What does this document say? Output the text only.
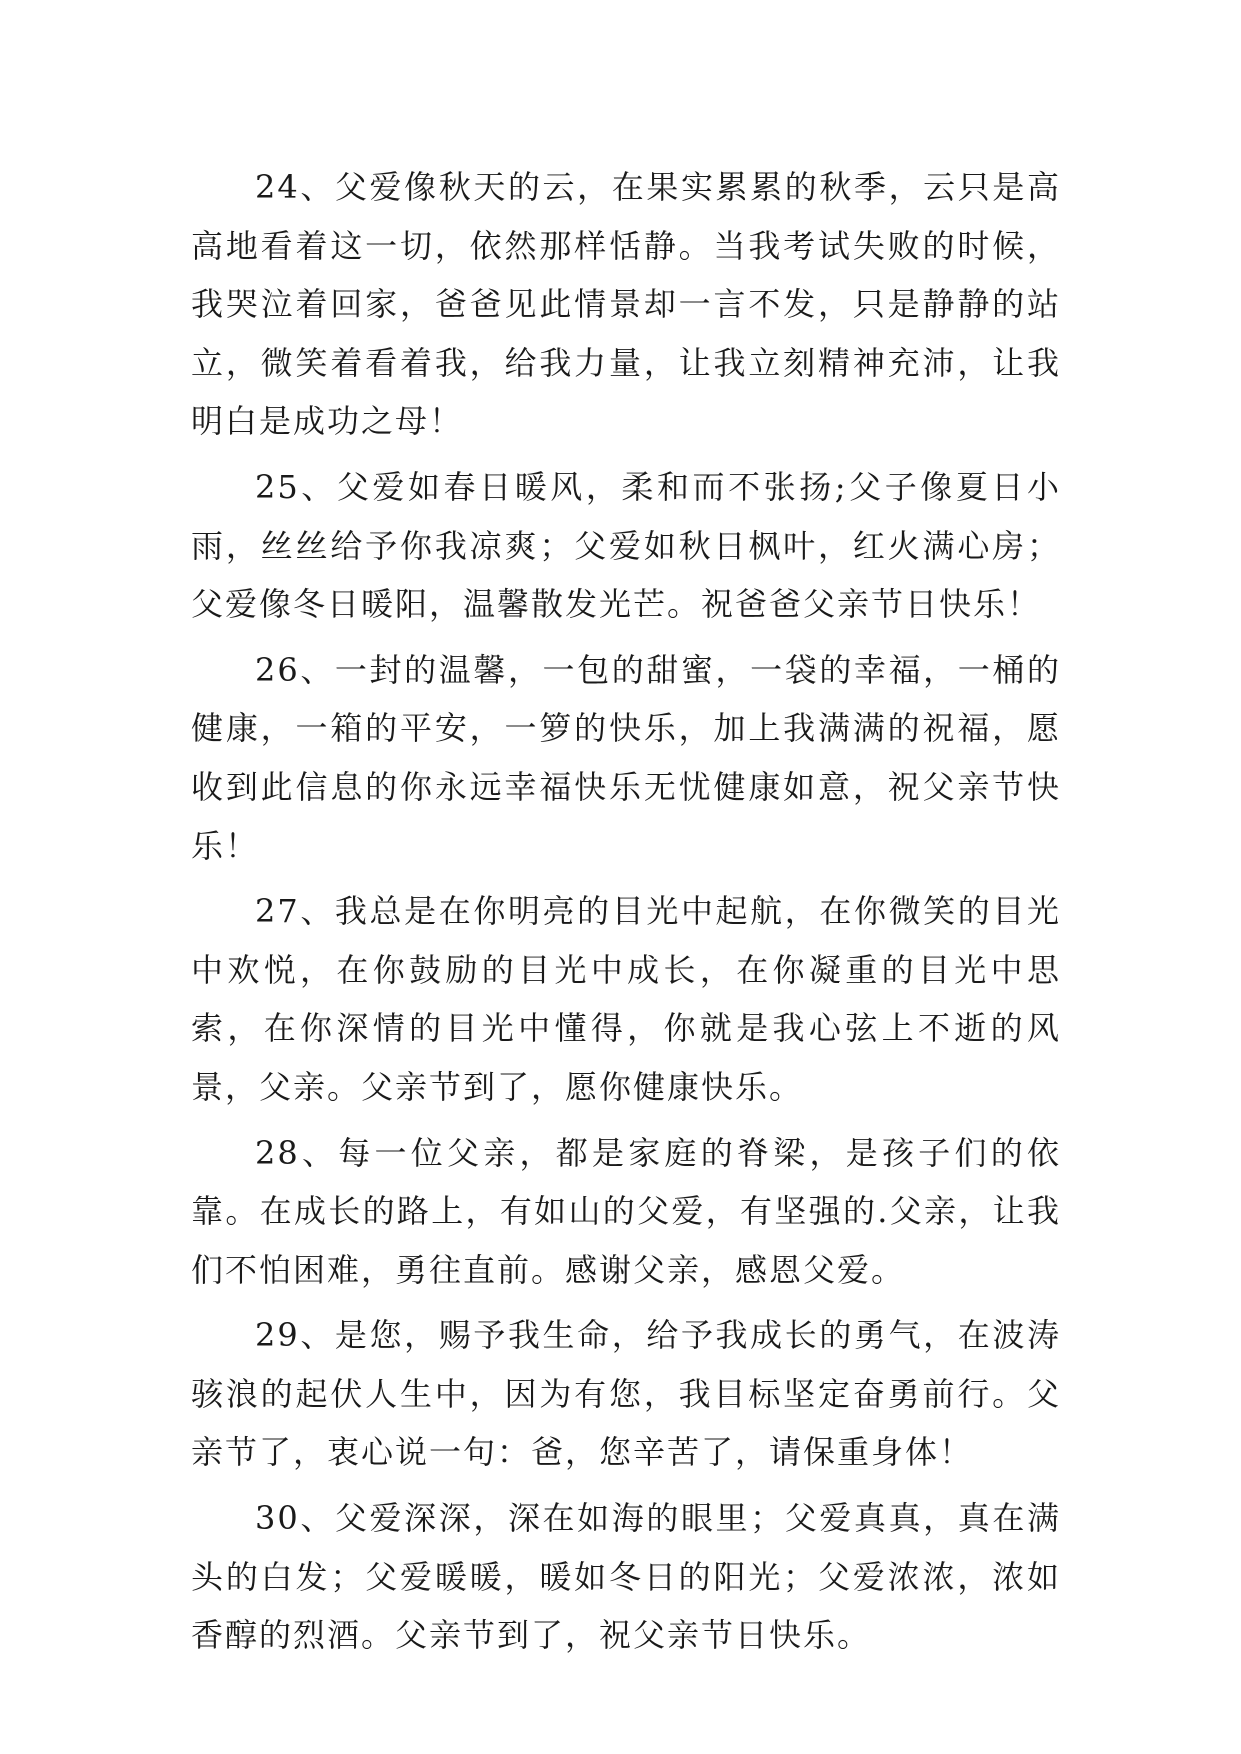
24、父爱像秋天的云，在果实累累的秋季，云只是高高地看着这一切，依然那样恬静。当我考试失败的时候，我哭泣着回家，爸爸见此情景却一言不发，只是静静的站立，微笑着看着我，给我力量，让我立刻精神充沛，让我明白是成功之母！

25、父爱如春日暖风，柔和而不张扬;父子像夏日小雨，丝丝给予你我凉爽；父爱如秋日枫叶，红火满心房；父爱像冬日暖阳，温馨散发光芒。祝爸爸父亲节日快乐！

26、一封的温馨，一包的甜蜜，一袋的幸福，一桶的健康，一箱的平安，一箩的快乐，加上我满满的祝福，愿收到此信息的你永远幸福快乐无忧健康如意，祝父亲节快乐！

27、我总是在你明亮的目光中起航，在你微笑的目光中欢悦，在你鼓励的目光中成长，在你凝重的目光中思索，在你深情的目光中懂得，你就是我心弦上不逝的风景，父亲。父亲节到了，愿你健康快乐。

28、每一位父亲，都是家庭的脊梁，是孩子们的依靠。在成长的路上，有如山的父爱，有坚强的.父亲，让我们不怕困难，勇往直前。感谢父亲，感恩父爱。

29、是您，赐予我生命，给予我成长的勇气，在波涛骇浪的起伏人生中，因为有您，我目标坚定奋勇前行。父亲节了，衷心说一句：爸，您辛苦了，请保重身体！

30、父爱深深，深在如海的眼里；父爱真真，真在满头的白发；父爱暖暖，暖如冬日的阳光；父爱浓浓，浓如香醇的烈酒。父亲节到了，祝父亲节日快乐。
